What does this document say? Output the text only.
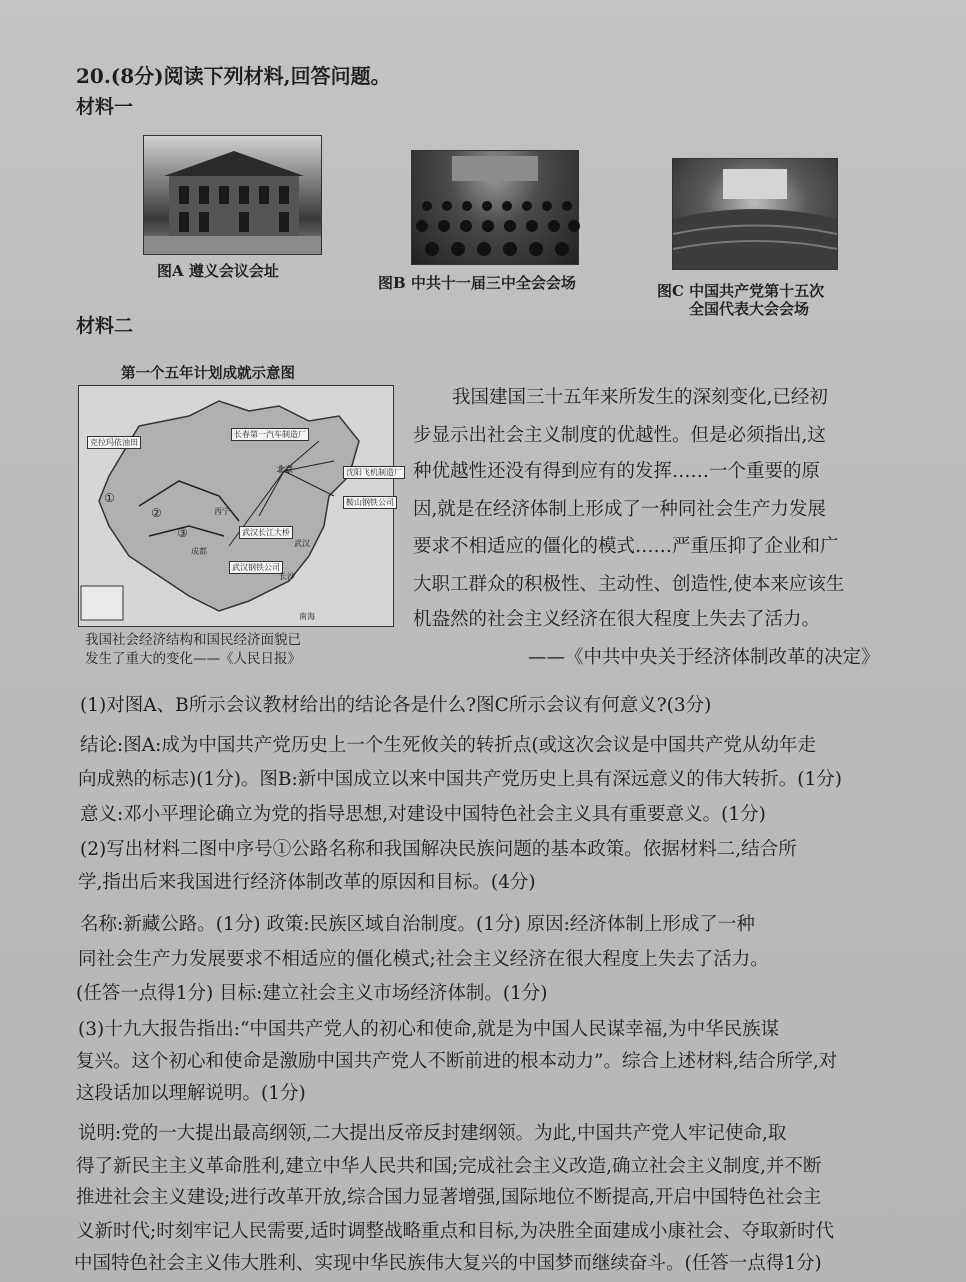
20.(8分)阅读下列材料,回答问题。
材料一
图A 遵义会议会址
图B 中共十一届三中全会会场	图C 中国共产党第十五次
全国代表大会会场
材料二
第一个五年计划成就示意图
克拉玛依油田
长春第一汽车制造厂
北京	沈阳飞机制造厂
鞍山钢铁公司
武汉长江大桥
武汉钢铁公司
西宁
成都
武汉
长沙
南海
①
②
③
我国社会经济结构和国民经济面貌已
发生了重大的变化——《人民日报》
我国建国三十五年来所发生的深刻变化,已经初
步显示出社会主义制度的优越性。但是必须指出,这
种优越性还没有得到应有的发挥……一个重要的原
因,就是在经济体制上形成了一种同社会生产力发展
要求不相适应的僵化的模式……严重压抑了企业和广
大职工群众的积极性、主动性、创造性,使本来应该生
机盎然的社会主义经济在很大程度上失去了活力。
——《中共中央关于经济体制改革的决定》
(1)对图A、B所示会议教材给出的结论各是什么?图C所示会议有何意义?(3分)
结论:图A:成为中国共产党历史上一个生死攸关的转折点(或这次会议是中国共产党从幼年走
向成熟的标志)(1分)。图B:新中国成立以来中国共产党历史上具有深远意义的伟大转折。(1分)
意义:邓小平理论确立为党的指导思想,对建设中国特色社会主义具有重要意义。(1分)
(2)写出材料二图中序号①公路名称和我国解决民族问题的基本政策。依据材料二,结合所
学,指出后来我国进行经济体制改革的原因和目标。(4分)
名称:新藏公路。(1分) 政策:民族区域自治制度。(1分) 原因:经济体制上形成了一种
同社会生产力发展要求不相适应的僵化模式;社会主义经济在很大程度上失去了活力。
(任答一点得1分) 目标:建立社会主义市场经济体制。(1分)
(3)十九大报告指出:“中国共产党人的初心和使命,就是为中国人民谋幸福,为中华民族谋
复兴。这个初心和使命是激励中国共产党人不断前进的根本动力”。综合上述材料,结合所学,对
这段话加以理解说明。(1分)
说明:党的一大提出最高纲领,二大提出反帝反封建纲领。为此,中国共产党人牢记使命,取
得了新民主主义革命胜利,建立中华人民共和国;完成社会主义改造,确立社会主义制度,并不断
推进社会主义建设;进行改革开放,综合国力显著增强,国际地位不断提高,开启中国特色社会主
义新时代;时刻牢记人民需要,适时调整战略重点和目标,为决胜全面建成小康社会、夺取新时代
中国特色社会主义伟大胜利、实现中华民族伟大复兴的中国梦而继续奋斗。(任答一点得1分)
